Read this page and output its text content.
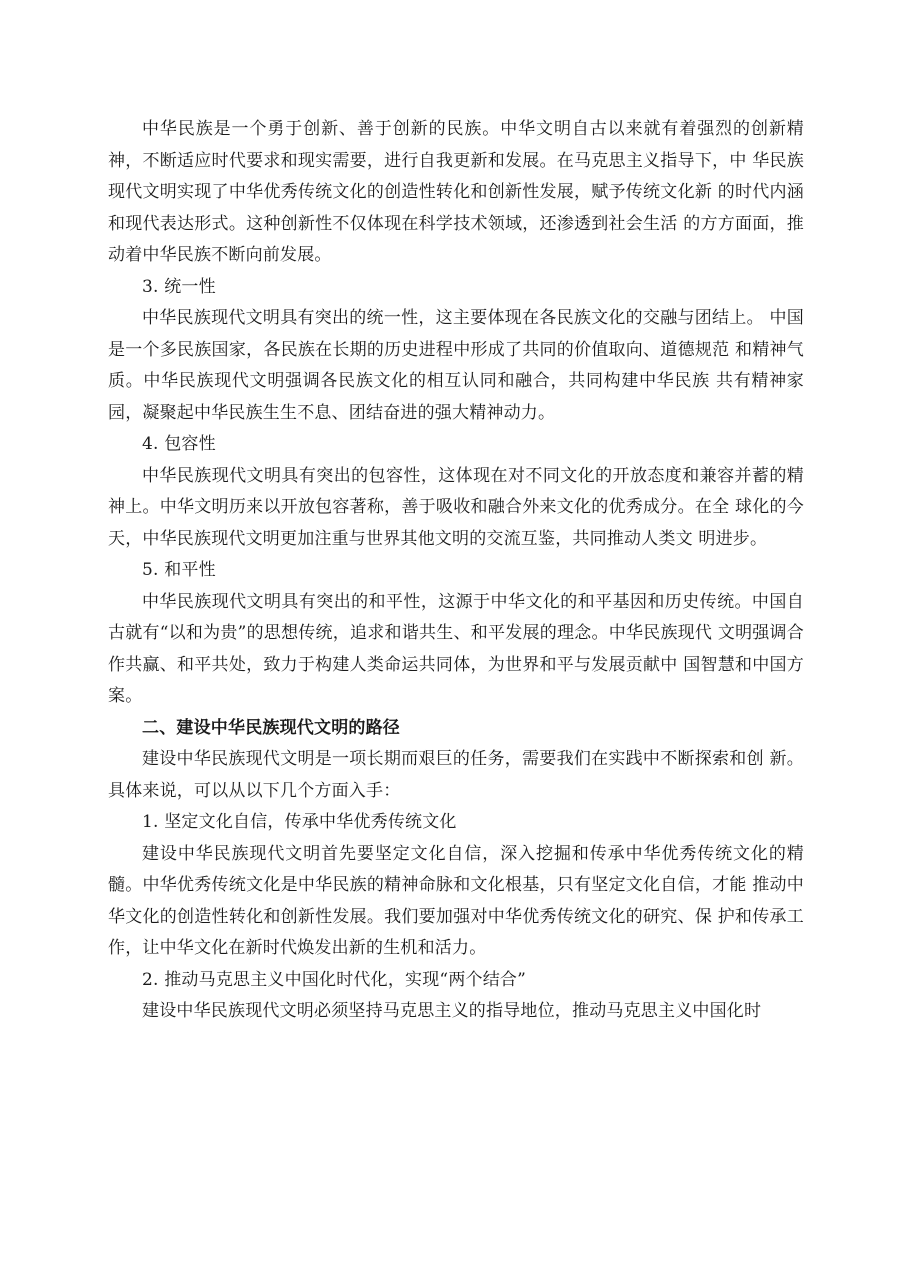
中华民族是一个勇于创新、善于创新的民族。中华文明自古以来就有着强烈的创新精神，不断适应时代要求和现实需要，进行自我更新和发展。在马克思主义指导下，中 华民族现代文明实现了中华优秀传统文化的创造性转化和创新性发展，赋予传统文化新 的时代内涵和现代表达形式。这种创新性不仅体现在科学技术领域，还渗透到社会生活 的方方面面，推动着中华民族不断向前发展。

3. 统一性

中华民族现代文明具有突出的统一性，这主要体现在各民族文化的交融与团结上。 中国是一个多民族国家，各民族在长期的历史进程中形成了共同的价值取向、道德规范 和精神气质。中华民族现代文明强调各民族文化的相互认同和融合，共同构建中华民族 共有精神家园，凝聚起中华民族生生不息、团结奋进的强大精神动力。

4. 包容性

中华民族现代文明具有突出的包容性，这体现在对不同文化的开放态度和兼容并蓄的精神上。中华文明历来以开放包容著称，善于吸收和融合外来文化的优秀成分。在全 球化的今天，中华民族现代文明更加注重与世界其他文明的交流互鉴，共同推动人类文 明进步。

5. 和平性

中华民族现代文明具有突出的和平性，这源于中华文化的和平基因和历史传统。中国自古就有“以和为贵”的思想传统，追求和谐共生、和平发展的理念。中华民族现代 文明强调合作共赢、和平共处，致力于构建人类命运共同体，为世界和平与发展贡献中 国智慧和中国方案。

二、建设中华民族现代文明的路径

建设中华民族现代文明是一项长期而艰巨的任务，需要我们在实践中不断探索和创 新。具体来说，可以从以下几个方面入手：

1. 坚定文化自信，传承中华优秀传统文化

建设中华民族现代文明首先要坚定文化自信，深入挖掘和传承中华优秀传统文化的精髓。中华优秀传统文化是中华民族的精神命脉和文化根基，只有坚定文化自信，才能 推动中华文化的创造性转化和创新性发展。我们要加强对中华优秀传统文化的研究、保 护和传承工作，让中华文化在新时代焕发出新的生机和活力。

2. 推动马克思主义中国化时代化，实现“两个结合”

建设中华民族现代文明必须坚持马克思主义的指导地位，推动马克思主义中国化时
